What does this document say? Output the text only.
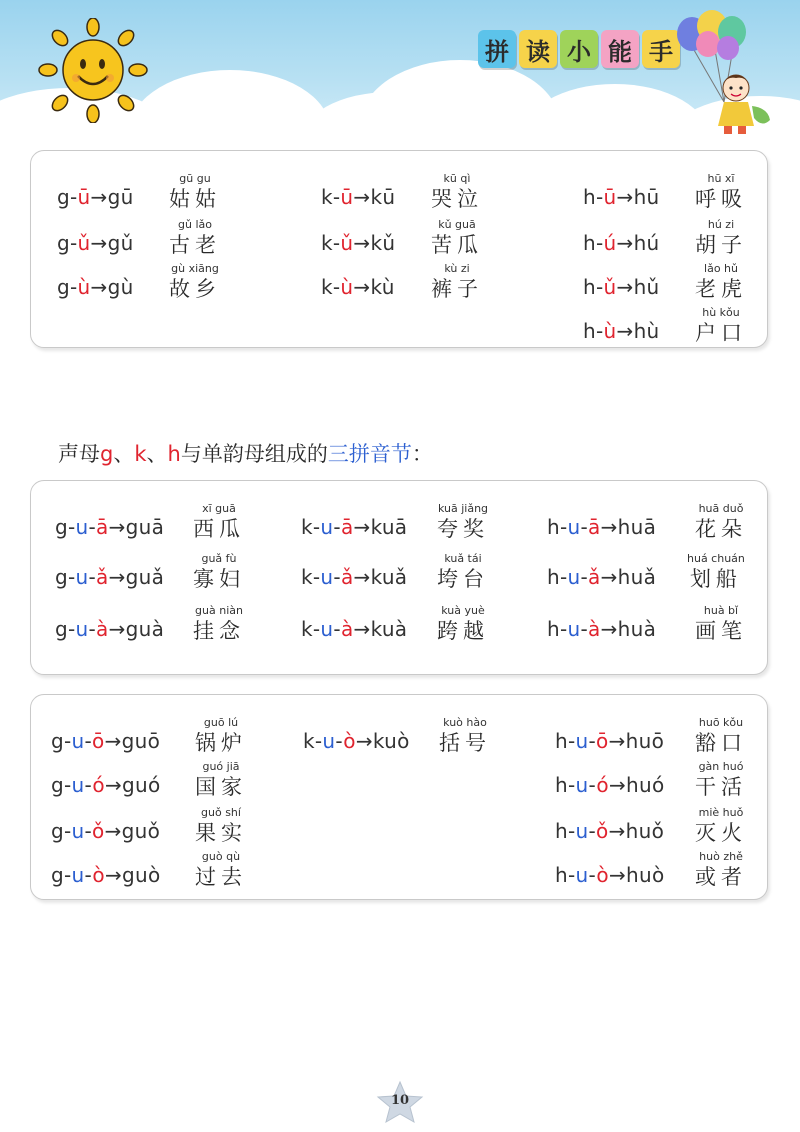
拼 读 小 能 手
g-ū→gū
gū gu
姑姑
g-ǔ→gǔ
gǔ lǎo
古老
g-ù→gù
gù xiāng
故乡
k-ū→kū
kū qì
哭泣
k-ǔ→kǔ
kǔ guā
苦瓜
k-ù→kù
kù zi
裤子
h-ū→hū
hū xī
呼吸
h-ú→hú
hú zi
胡子
h-ǔ→hǔ
lǎo hǔ
老虎
h-ù→hù
hù kǒu
户口
声母g、k、h与单韵母组成的三拼音节：
g-u-ā→guā
xī guā
西瓜
g-u-ǎ→guǎ
guǎ fù
寡妇
g-u-à→guà
guà niàn
挂念
k-u-ā→kuā
kuā jiǎng
夸奖
k-u-ǎ→kuǎ
kuǎ tái
垮台
k-u-à→kuà
kuà yuè
跨越
h-u-ā→huā
huā duǒ
花朵
h-u-ǎ→huǎ
huá chuán
划船
h-u-à→huà
huà bǐ
画笔
g-u-ō→guō
guō lú
锅炉
g-u-ó→guó
guó jiā
国家
g-u-ǒ→guǒ
guǒ shí
果实
g-u-ò→guò
guò qù
过去
k-u-ò→kuò
kuò hào
括号	h-u-ō→huō
huō kǒu
豁口
h-u-ó→huó
gàn huó
干活
h-u-ǒ→huǒ
miè huǒ
灭火
h-u-ò→huò
huò zhě
或者
10
